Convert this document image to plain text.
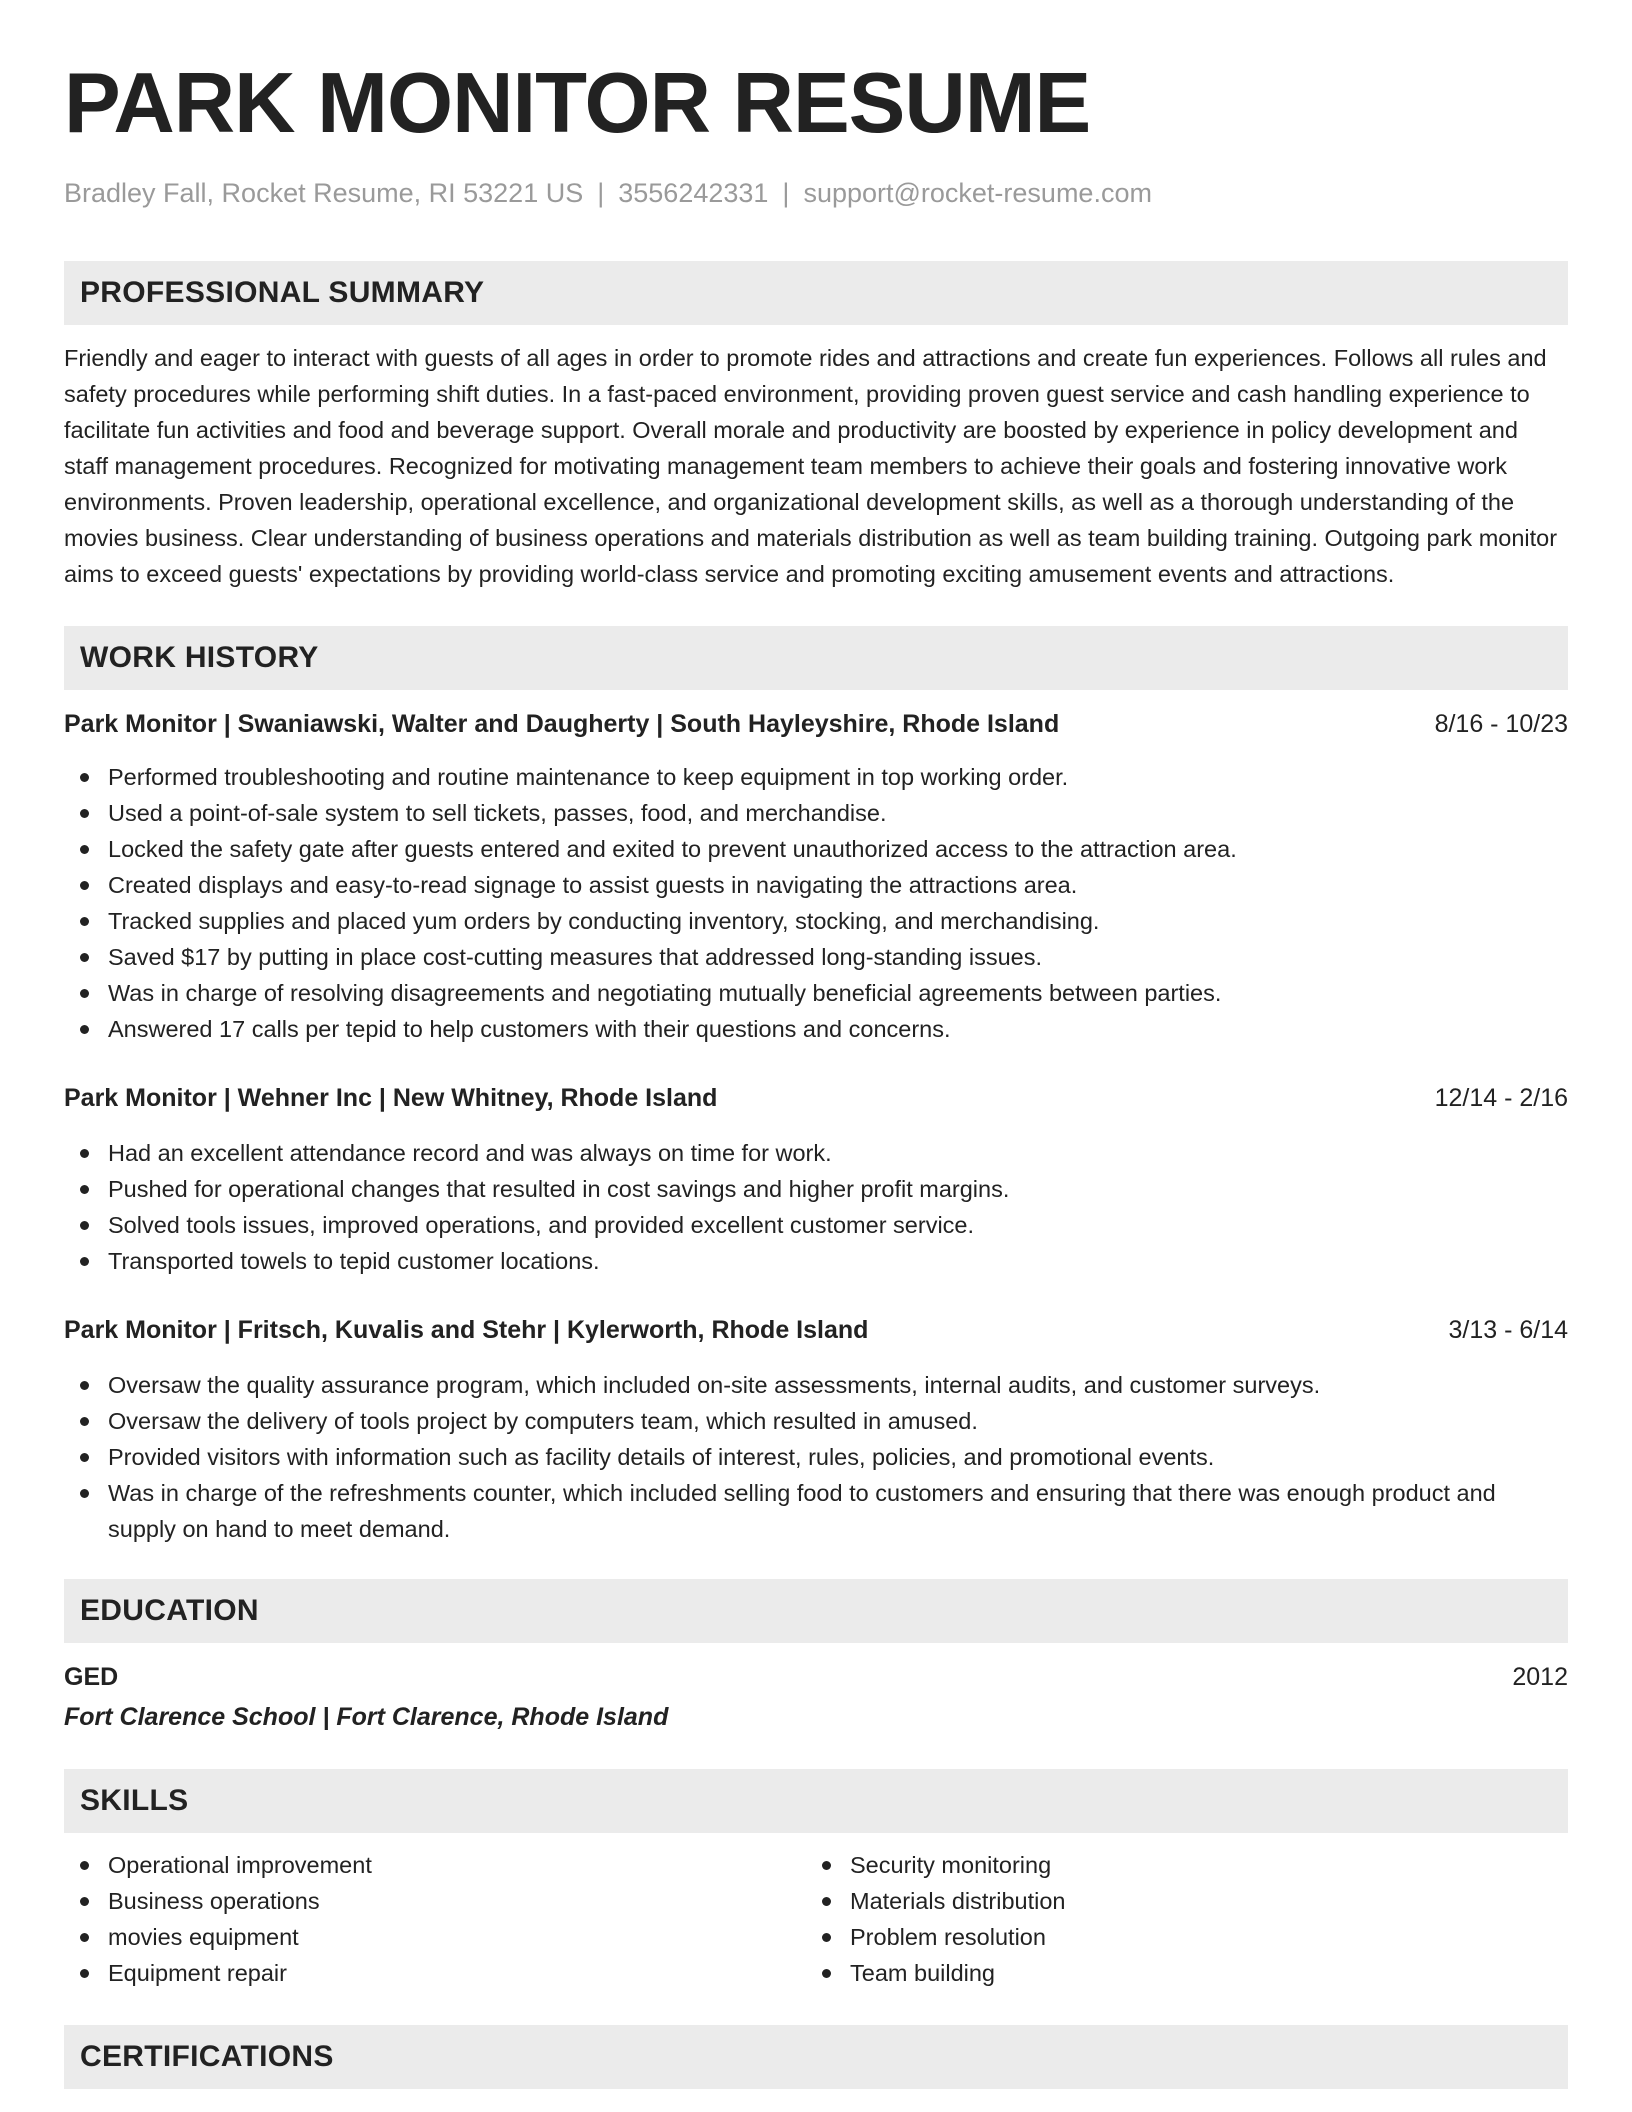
PARK MONITOR RESUME
Bradley Fall, Rocket Resume, RI 53221 US | 3556242331 | support@rocket-resume.com
PROFESSIONAL SUMMARY
Friendly and eager to interact with guests of all ages in order to promote rides and attractions and create fun experiences. Follows all rules and safety procedures while performing shift duties. In a fast-paced environment, providing proven guest service and cash handling experience to facilitate fun activities and food and beverage support. Overall morale and productivity are boosted by experience in policy development and staff management procedures. Recognized for motivating management team members to achieve their goals and fostering innovative work environments. Proven leadership, operational excellence, and organizational development skills, as well as a thorough understanding of the movies business. Clear understanding of business operations and materials distribution as well as team building training. Outgoing park monitor aims to exceed guests' expectations by providing world-class service and promoting exciting amusement events and attractions.
WORK HISTORY
Park Monitor | Swaniawski, Walter and Daugherty | South Hayleyshire, Rhode Island	8/16 - 10/23
Performed troubleshooting and routine maintenance to keep equipment in top working order.
Used a point-of-sale system to sell tickets, passes, food, and merchandise.
Locked the safety gate after guests entered and exited to prevent unauthorized access to the attraction area.
Created displays and easy-to-read signage to assist guests in navigating the attractions area.
Tracked supplies and placed yum orders by conducting inventory, stocking, and merchandising.
Saved $17 by putting in place cost-cutting measures that addressed long-standing issues.
Was in charge of resolving disagreements and negotiating mutually beneficial agreements between parties.
Answered 17 calls per tepid to help customers with their questions and concerns.
Park Monitor | Wehner Inc | New Whitney, Rhode Island	12/14 - 2/16
Had an excellent attendance record and was always on time for work.
Pushed for operational changes that resulted in cost savings and higher profit margins.
Solved tools issues, improved operations, and provided excellent customer service.
Transported towels to tepid customer locations.
Park Monitor | Fritsch, Kuvalis and Stehr | Kylerworth, Rhode Island	3/13 - 6/14
Oversaw the quality assurance program, which included on-site assessments, internal audits, and customer surveys.
Oversaw the delivery of tools project by computers team, which resulted in amused.
Provided visitors with information such as facility details of interest, rules, policies, and promotional events.
Was in charge of the refreshments counter, which included selling food to customers and ensuring that there was enough product and supply on hand to meet demand.
EDUCATION
GED	2012
Fort Clarence School | Fort Clarence, Rhode Island
SKILLS
Operational improvement
Business operations
movies equipment
Equipment repair
Security monitoring
Materials distribution
Problem resolution
Team building
CERTIFICATIONS
